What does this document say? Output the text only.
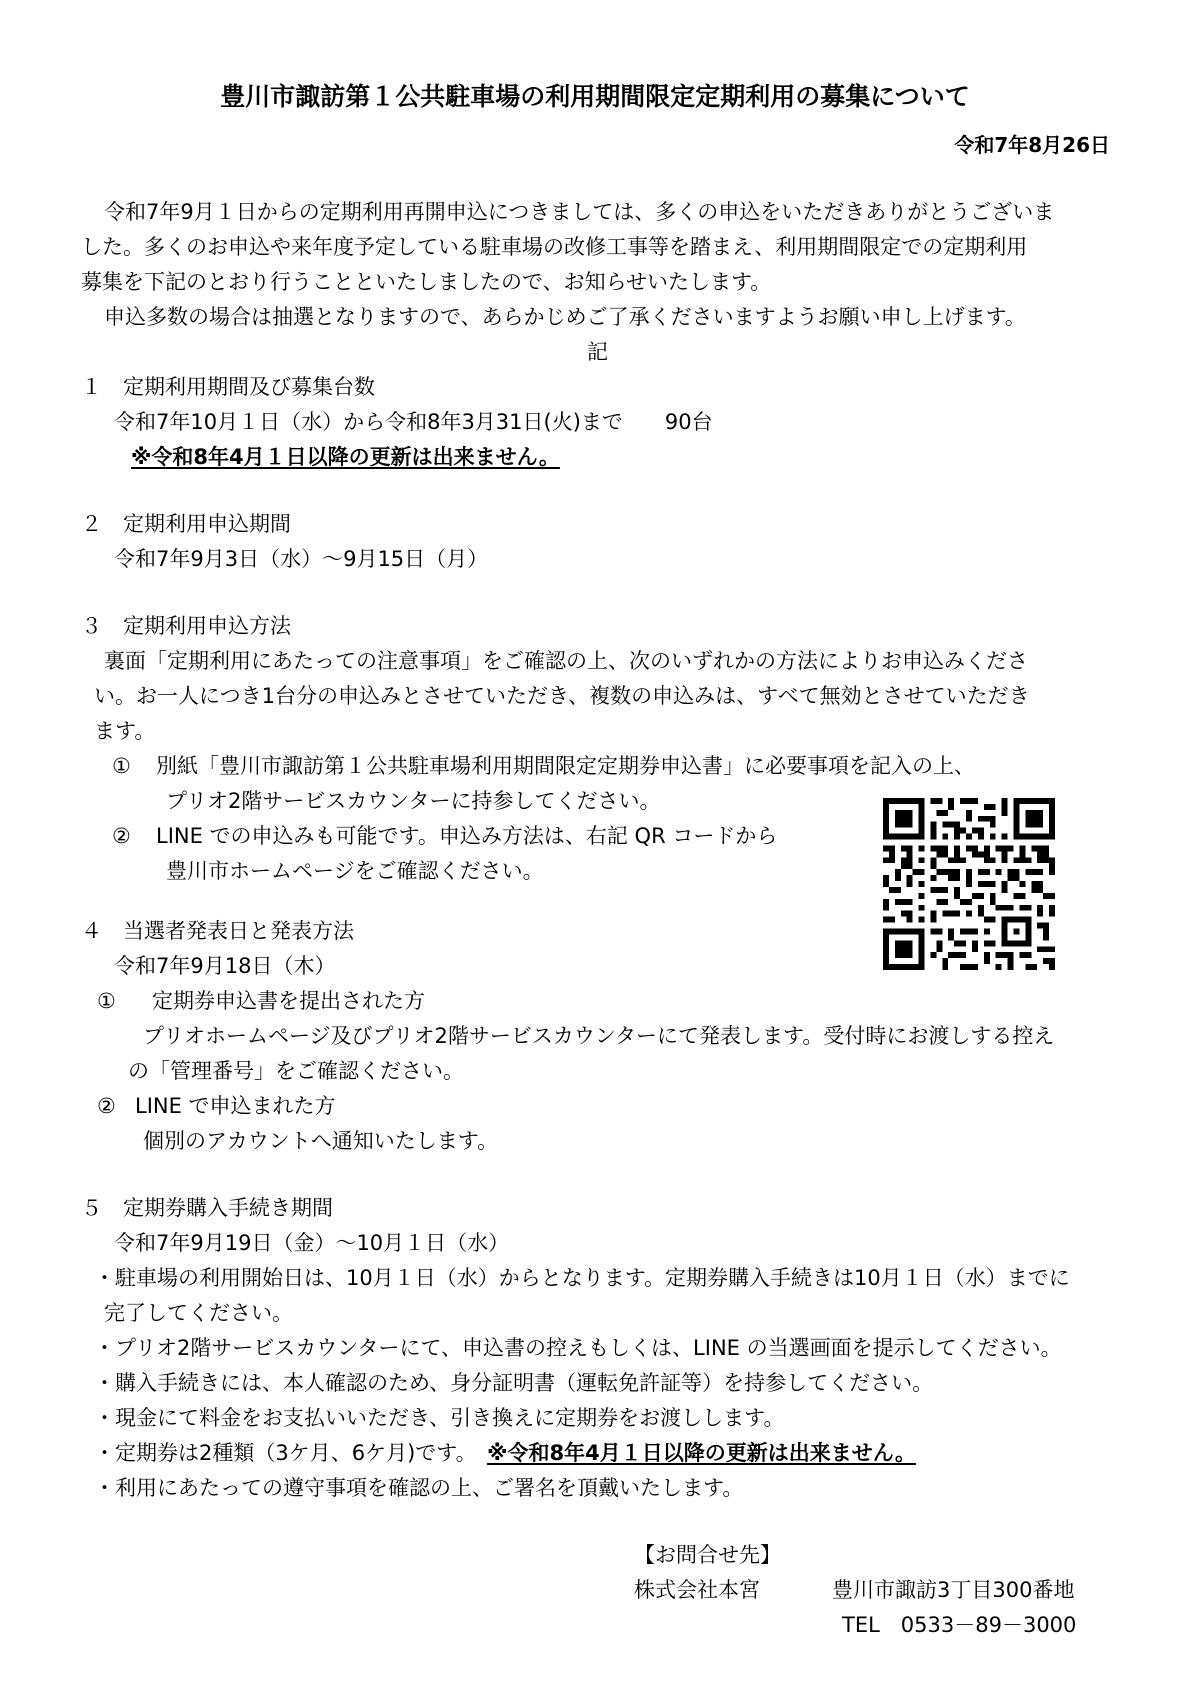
豊川市諏訪第１公共駐車場の利用期間限定定期利用の募集について
令和7年8月26日
令和7年9月１日からの定期利用再開申込につきましては、多くの申込をいただきありがとうございま
した。多くのお申込や来年度予定している駐車場の改修工事等を踏まえ、利用期間限定での定期利用
募集を下記のとおり行うことといたしましたので、お知らせいたします。
申込多数の場合は抽選となりますので、あらかじめご了承くださいますようお願い申し上げます。
記
１　定期利用期間及び募集台数
令和7年10月１日（水）から令和8年3月31日(火)まで　　90台
※令和8年4月１日以降の更新は出来ません。
２　定期利用申込期間
令和7年9月3日（水）～9月15日（月）
３　定期利用申込方法
裏面「定期利用にあたっての注意事項」をご確認の上、次のいずれかの方法によりお申込みくださ
い。お一人につき1台分の申込みとさせていただき、複数の申込みは、すべて無効とさせていただき
ます。
① 別紙「豊川市諏訪第１公共駐車場利用期間限定定期券申込書」に必要事項を記入の上、
プリオ2階サービスカウンターに持参してください。
② LINE での申込みも可能です。申込み方法は、右記 QR コードから
豊川市ホームページをご確認ください。
４　当選者発表日と発表方法
令和7年9月18日（木）
① 定期券申込書を提出された方
プリオホームページ及びプリオ2階サービスカウンターにて発表します。受付時にお渡しする控え
の「管理番号」をご確認ください。
② LINE で申込まれた方
個別のアカウントへ通知いたします。
５　定期券購入手続き期間
令和7年9月19日（金）～10月１日（水）
・駐車場の利用開始日は、10月１日（水）からとなります。定期券購入手続きは10月１日（水）までに
完了してください。
・プリオ2階サービスカウンターにて、申込書の控えもしくは、LINE の当選画面を提示してください。
・購入手続きには、本人確認のため、身分証明書（運転免許証等）を持参してください。
・現金にて料金をお支払いいただき、引き換えに定期券をお渡しします。
・定期券は2種類（3ケ月、6ケ月)です。　 ※令和8年4月１日以降の更新は出来ません。
・利用にあたっての遵守事項を確認の上、ご署名を頂戴いたします。
【お問合せ先】
株式会社本宮	豊川市諏訪3丁目300番地
TEL　0533－89－3000
